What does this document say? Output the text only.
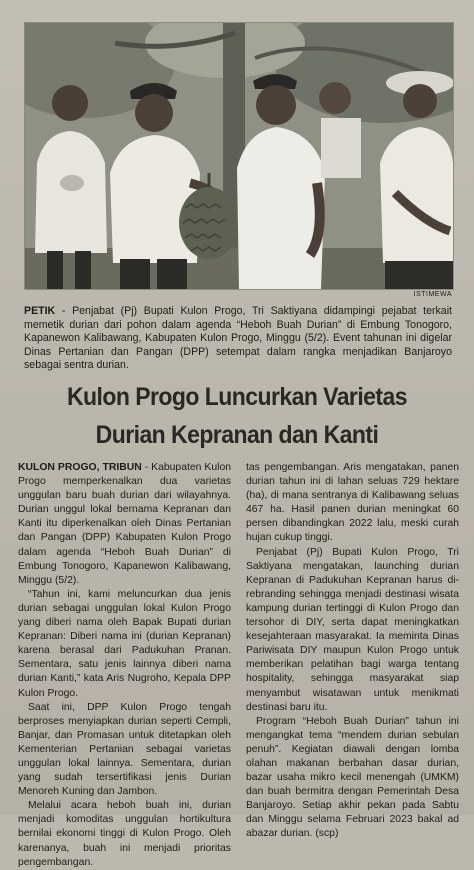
ISTIMEWA
PETIK - Penjabat (Pj) Bupati Kulon Progo, Tri Saktiyana didampingi pejabat terkait memetik durian dari pohon dalam agenda “Heboh Buah Durian” di Embung Tonogoro, Kapanewon Kalibawang, Kabupaten Kulon Progo, Minggu (5/2). Event tahunan ini digelar Dinas Pertanian dan Pangan (DPP) setempat dalam rangka menjadikan Banjaroyo sebagai sentra durian.
Kulon Progo Luncurkan Varietas
Durian Kepranan dan Kanti

KULON PROGO, TRIBUN - Kabupaten Kulon Progo memperkenalkan dua varietas unggulan baru buah durian dari wilayahnya. Durian unggul lokal bernama Kepranan dan Kanti itu diperkenalkan oleh Dinas Pertanian dan Pangan (DPP) Kabupaten Kulon Progo dalam agenda “Heboh Buah Durian” di Embung Tonogoro, Kapanewon Kalibawang, Minggu (5/2).

“Tahun ini, kami meluncurkan dua jenis durian sebagai unggulan lokal Kulon Progo yang diberi nama oleh Bapak Bupati durian Kepranan: Diberi nama ini (durian Kepranan) karena berasal dari Padukuhan Pranan. Sementara, satu jenis lainnya diberi nama durian Kanti,” kata Aris Nugroho, Kepala DPP Kulon Progo.

Saat ini, DPP Kulon Progo tengah berproses menyiapkan durian seperti Cempli, Banjar, dan Promasan untuk ditetapkan oleh Kementerian Pertanian sebagai varietas unggulan lokal lainnya. Sementara, durian yang sudah tersertifikasi jenis Durian Menoreh Kuning dan Jambon.

Melalui acara heboh buah ini, durian menjadi komoditas unggulan hortikultura bernilai ekonomi tinggi di Kulon Progo. Oleh karenanya, buah ini menjadi prioritas pengembangan.

tas pengembangan. Aris mengatakan, panen durian tahun ini di lahan seluas 729 hektare (ha), di mana sentranya di Kalibawang seluas 467 ha. Hasil panen durian meningkat 60 persen dibandingkan 2022 lalu, meski curah hujan cukup tinggi.

Penjabat (Pj) Bupati Kulon Progo, Tri Saktiyana mengatakan, launching durian Kepranan di Padukuhan Kepranan harus di-rebranding sehingga menjadi destinasi wisata kampung durian tertinggi di Kulon Progo dan tersohor di DIY, serta dapat meningkatkan kesejahteraan masyarakat. Ia meminta Dinas Pariwisata DIY maupun Kulon Progo untuk memberikan pelatihan bagi warga tentang hospitality, sehingga masyarakat siap menyambut wisatawan untuk menikmati destinasi baru itu.

Program “Heboh Buah Durian” tahun ini mengangkat tema “mendem durian sebulan penuh”. Kegiatan diawali dengan lomba olahan makanan berbahan dasar durian, bazar usaha mikro kecil menengah (UMKM) dan buah bermitra dengan Pemerintah Desa Banjaroyo. Setiap akhir pekan pada Sabtu dan Minggu selama Februari 2023 bakal ad abazar durian. (scp)
